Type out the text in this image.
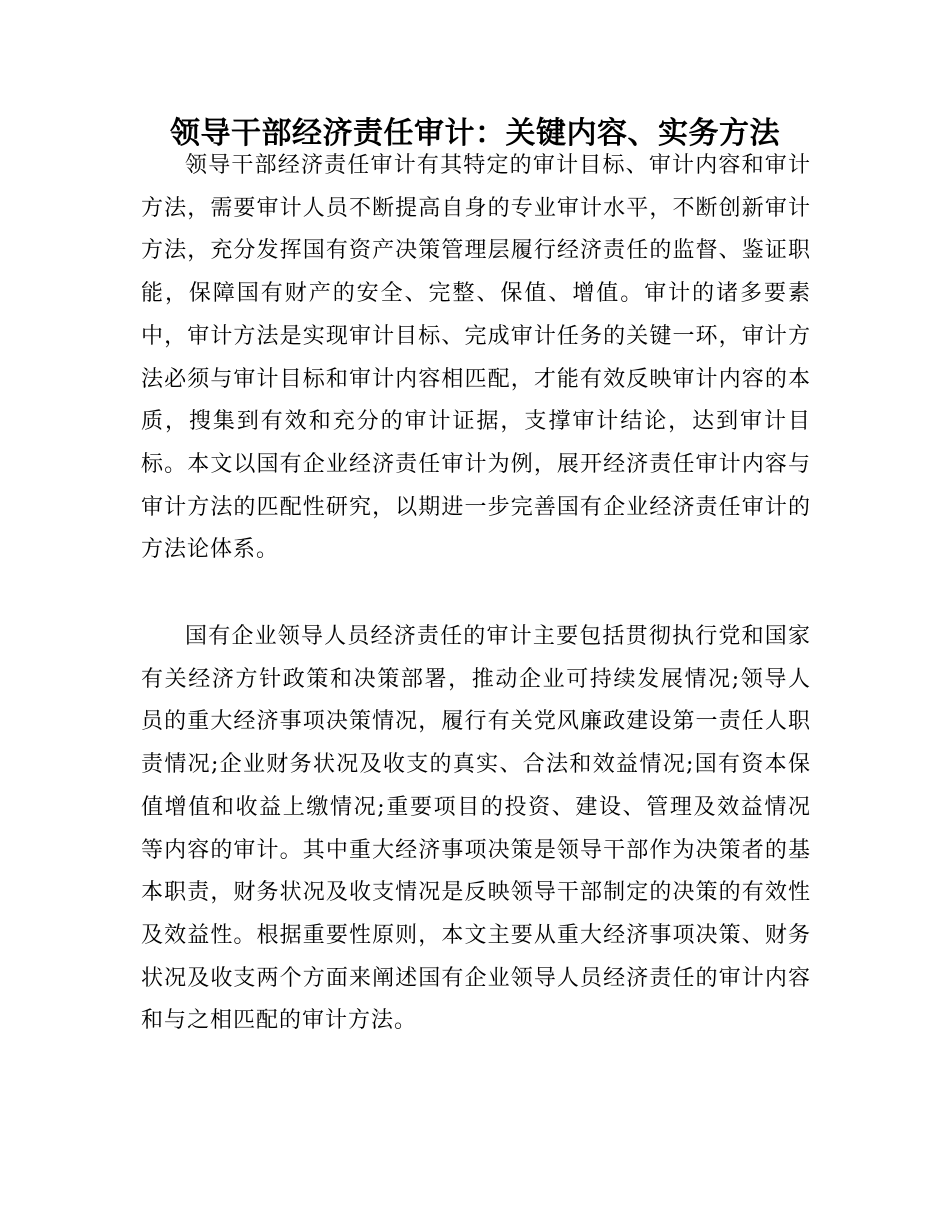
领导干部经济责任审计：关键内容、实务方法

领导干部经济责任审计有其特定的审计目标、审计内容和审计方法，需要审计人员不断提高自身的专业审计水平，不断创新审计方法，充分发挥国有资产决策管理层履行经济责任的监督、鉴证职能，保障国有财产的安全、完整、保值、增值。审计的诸多要素中，审计方法是实现审计目标、完成审计任务的关键一环，审计方法必须与审计目标和审计内容相匹配，才能有效反映审计内容的本质，搜集到有效和充分的审计证据，支撑审计结论，达到审计目标。本文以国有企业经济责任审计为例，展开经济责任审计内容与审计方法的匹配性研究，以期进一步完善国有企业经济责任审计的方法论体系。

国有企业领导人员经济责任的审计主要包括贯彻执行党和国家有关经济方针政策和决策部署，推动企业可持续发展情况;领导人员的重大经济事项决策情况，履行有关党风廉政建设第一责任人职责情况;企业财务状况及收支的真实、合法和效益情况;国有资本保值增值和收益上缴情况;重要项目的投资、建设、管理及效益情况等内容的审计。其中重大经济事项决策是领导干部作为决策者的基本职责，财务状况及收支情况是反映领导干部制定的决策的有效性及效益性。根据重要性原则，本文主要从重大经济事项决策、财务状况及收支两个方面来阐述国有企业领导人员经济责任的审计内容和与之相匹配的审计方法。
